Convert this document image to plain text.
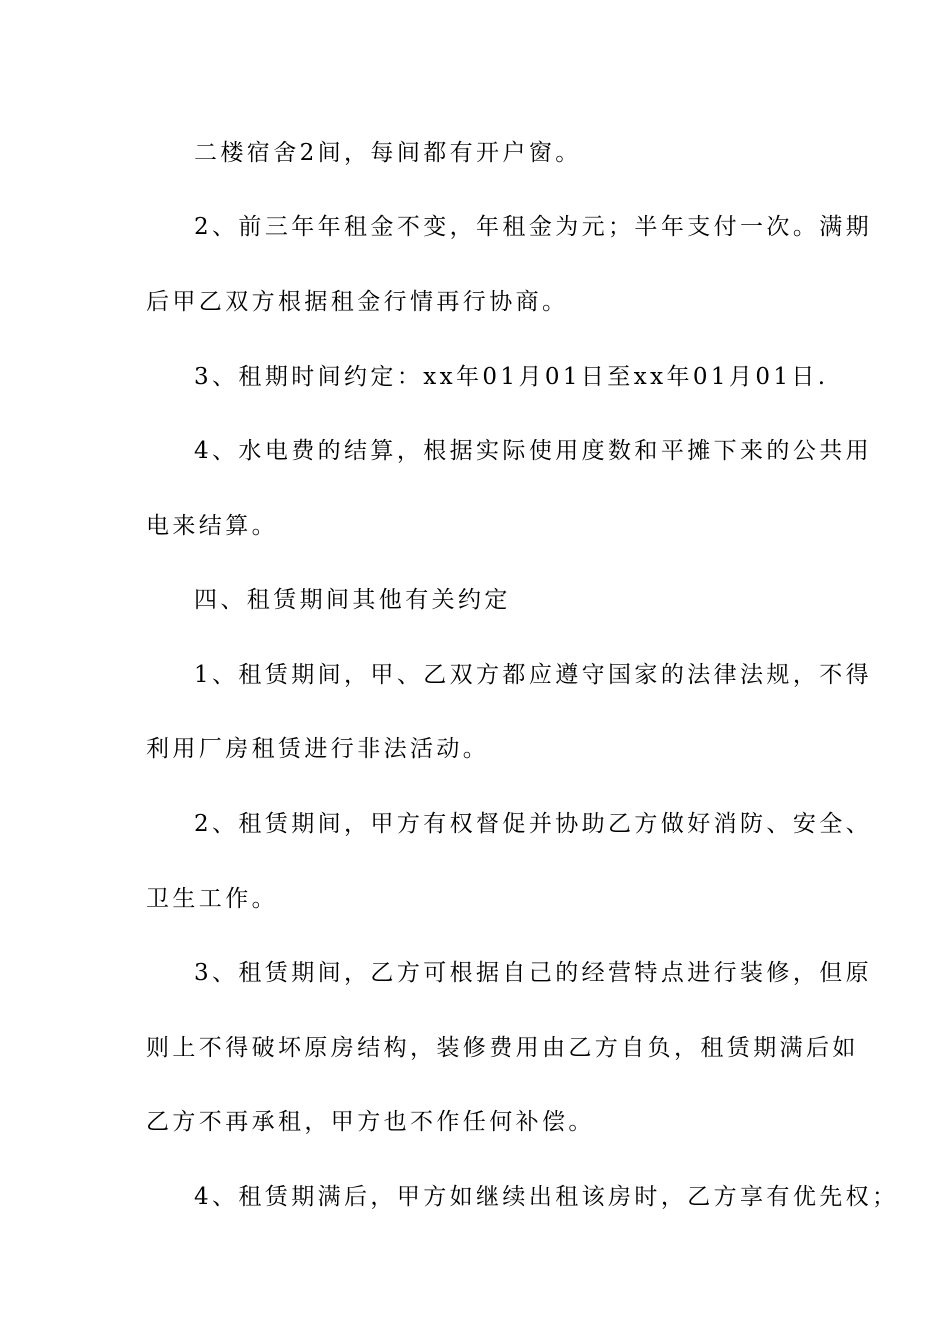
二楼宿舍2间，每间都有开户窗。
2、前三年年租金不变，年租金为元；半年支付一次。满期
后甲乙双方根据租金行情再行协商。
3、租期时间约定：xx年01月01日至xx年01月01日.
4、水电费的结算，根据实际使用度数和平摊下来的公共用
电来结算。
四、租赁期间其他有关约定
1、租赁期间，甲、乙双方都应遵守国家的法律法规，不得
利用厂房租赁进行非法活动。
2、租赁期间，甲方有权督促并协助乙方做好消防、安全、
卫生工作。
3、租赁期间，乙方可根据自己的经营特点进行装修，但原
则上不得破坏原房结构，装修费用由乙方自负，租赁期满后如
乙方不再承租，甲方也不作任何补偿。
4、租赁期满后，甲方如继续出租该房时，乙方享有优先权；
